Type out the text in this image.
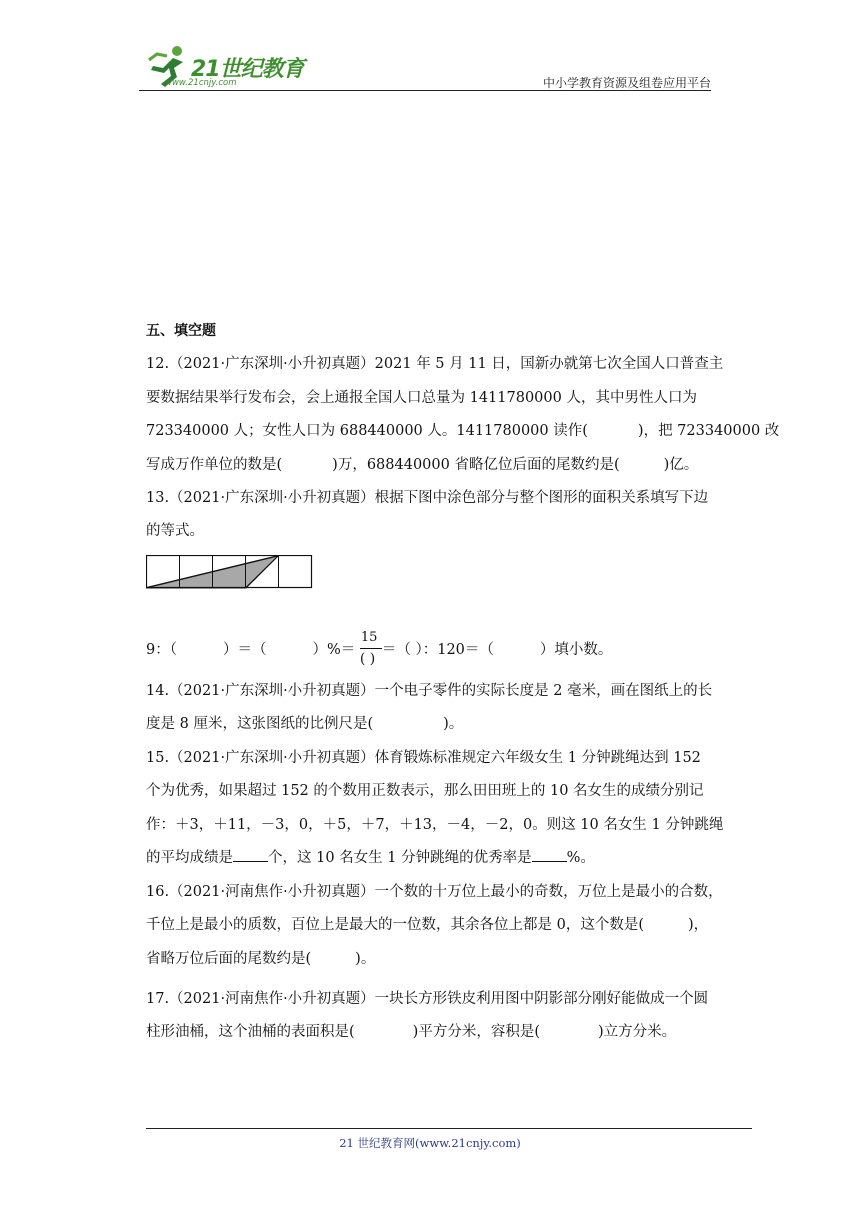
21世纪教育
www.21cnjy.com	中小学教育资源及组卷应用平台
五、填空题
12.（2021·广东深圳·小升初真题）2021 年 5 月 11 日，国新办就第七次全国人口普查主
要数据结果举行发布会，会上通报全国人口总量为 1411780000 人，其中男性人口为
723340000 人；女性人口为 688440000 人。1411780000 读作(	)，把 723340000 改
写成万作单位的数是(	)万，688440000 省略亿位后面的尾数约是(	)亿。
13.（2021·广东深圳·小升初真题）根据下图中涂色部分与整个图形的面积关系填写下边
的等式。
9：（	）＝（	）%＝
15
( )
＝（ ）：120＝（	）填小数。
14.（2021·广东深圳·小升初真题）一个电子零件的实际长度是 2 毫米，画在图纸上的长
度是 8 厘米，这张图纸的比例尺是(	)。
15.（2021·广东深圳·小升初真题）体育锻炼标准规定六年级女生 1 分钟跳绳达到 152
个为优秀，如果超过 152 的个数用正数表示，那么田田班上的 10 名女生的成绩分别记
作：＋3，＋11，－3，0，＋5，＋7，＋13，－4，－2，0。则这 10 名女生 1 分钟跳绳
的平均成绩是 个，这 10 名女生 1 分钟跳绳的优秀率是 %。
16.（2021·河南焦作·小升初真题）一个数的十万位上最小的奇数，万位上是最小的合数，
千位上是最小的质数，百位上是最大的一位数，其余各位上都是 0，这个数是(	)，
省略万位后面的尾数约是(	)。
17.（2021·河南焦作·小升初真题）一块长方形铁皮利用图中阴影部分刚好能做成一个圆
柱形油桶，这个油桶的表面积是(	)平方分米，容积是(	)立方分米。
21 世纪教育网(www.21cnjy.com)
